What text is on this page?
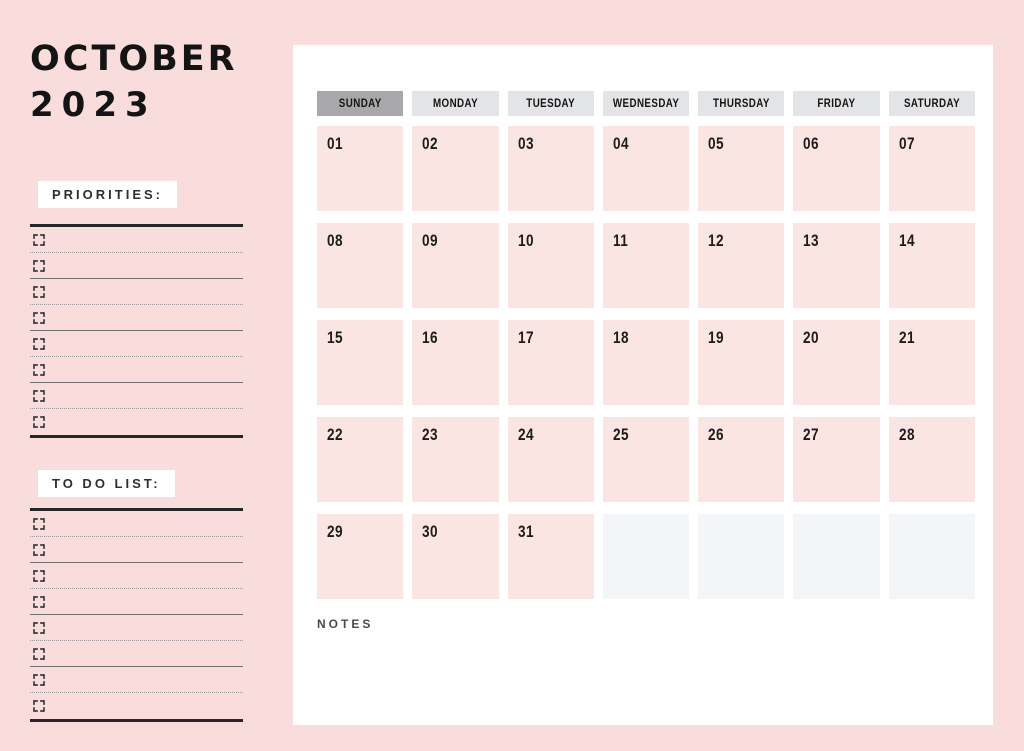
OCTOBER
2023
PRIORITIES:
TO DO LIST:
SUNDAY	MONDAY	TUESDAY	WEDNESDAY	THURSDAY	FRIDAY	SATURDAY
01	02	03	04	05	06	07
08	09	10	11	12	13	14
15	16	17	18	19	20	21
22	23	24	25	26	27	28
29	30	31
NOTES
